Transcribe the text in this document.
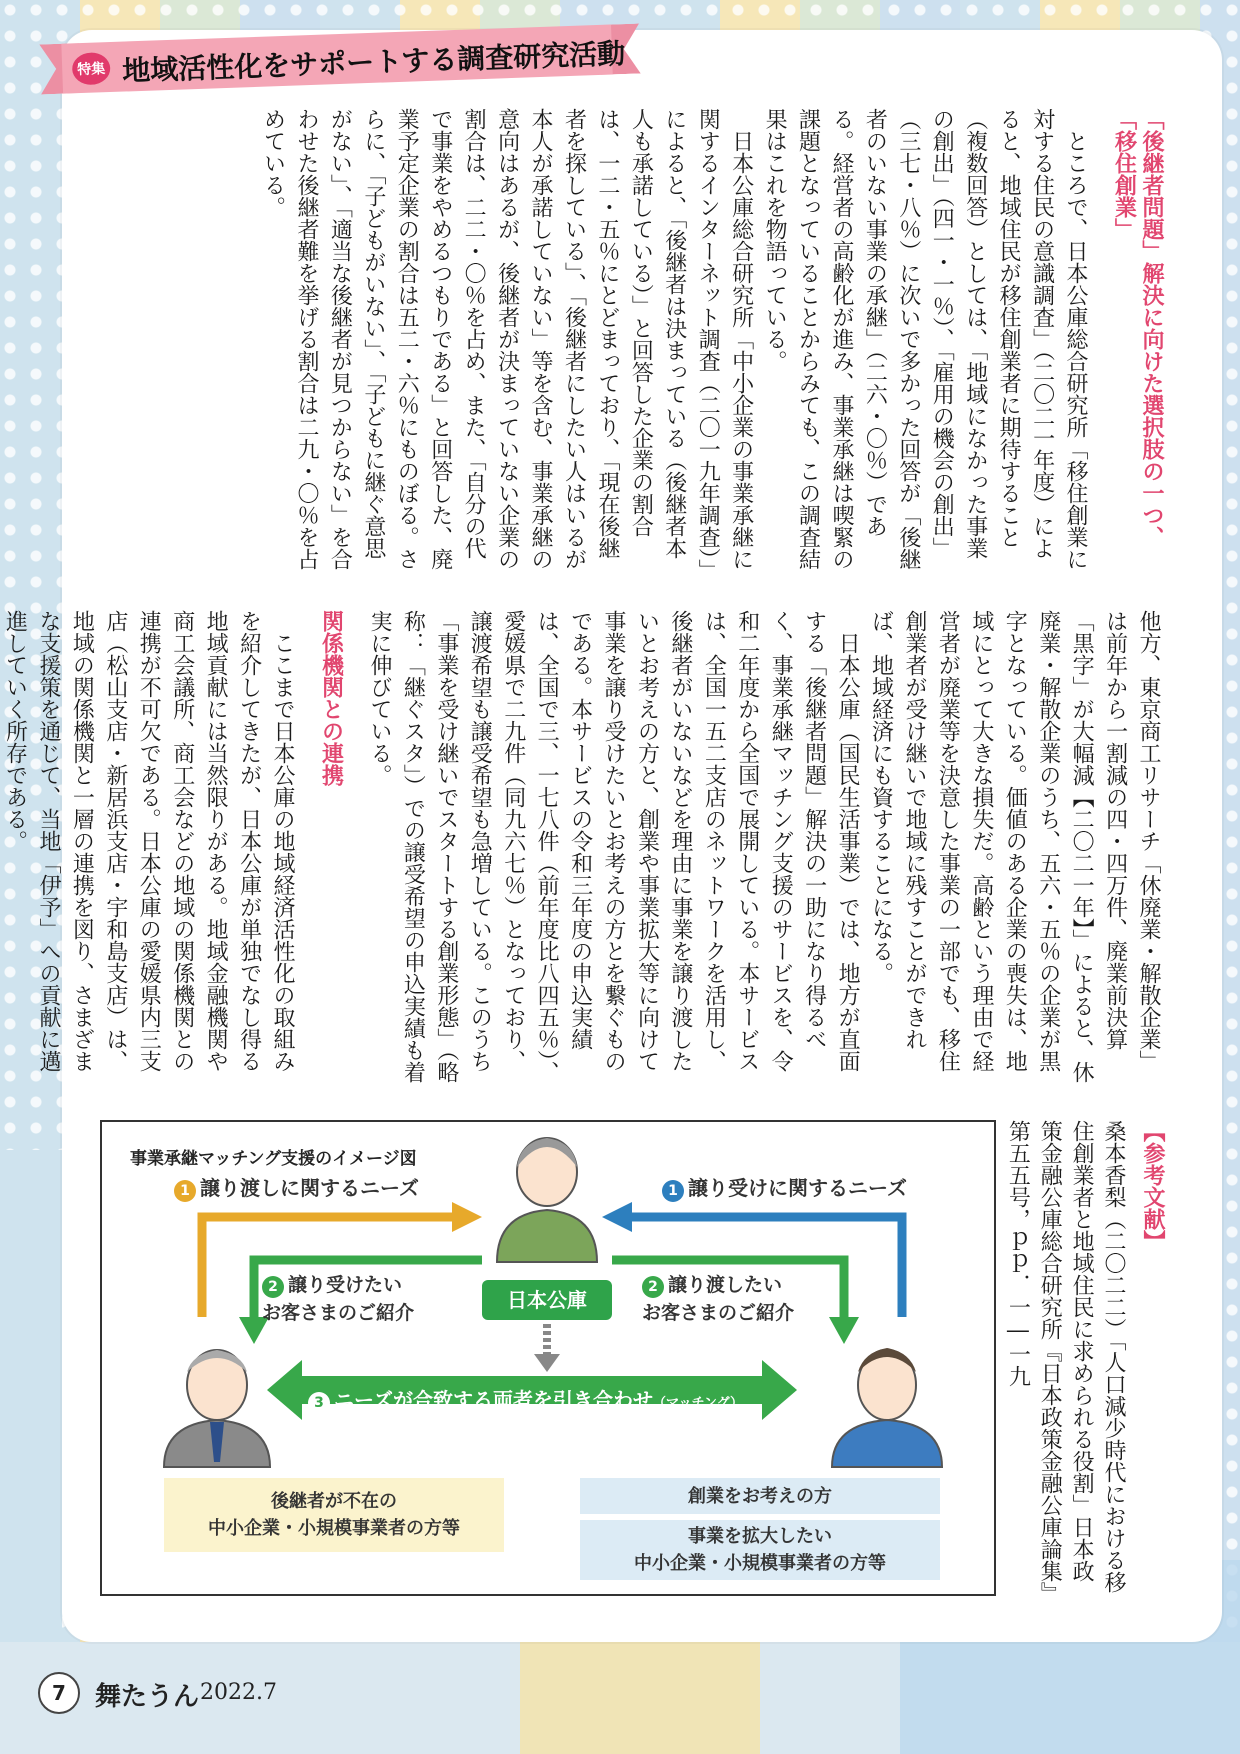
特集 地域活性化をサポートする調査研究活動
「後継者問題」解決に向けた選択肢の一つ、「移住創業」

ところで、日本公庫総合研究所「移住創業に対する住民の意識調査」（二〇二一年度）によると、地域住民が移住創業者に期待すること（複数回答）としては、「地域になかった事業の創出」（四一・一％）、「雇用の機会の創出」（三七・八％）に次いで多かった回答が「後継者のいない事業の承継」（二六・〇％）である。経営者の高齢化が進み、事業承継は喫緊の課題となっていることからみても、この調査結果はこれを物語っている。

日本公庫総合研究所「中小企業の事業承継に関するインターネット調査（二〇一九年調査）」によると、「後継者は決まっている（後継者本人も承諾している）」と回答した企業の割合は、一二・五％にとどまっており、「現在後継者を探している」、「後継者にしたい人はいるが本人が承諾していない」等を含む、事業承継の意向はあるが、後継者が決まっていない企業の割合は、二二・〇％を占め、また、「自分の代で事業をやめるつもりである」と回答した、廃業予定企業の割合は五二・六％にものぼる。さらに、「子どもがいない」、「子どもに継ぐ意思がない」、「適当な後継者が見つからない」を合わせた後継者難を挙げる割合は二九・〇％を占めている。

他方、東京商工リサーチ「休廃業・解散企業」は前年から一割減の四・四万件、廃業前決算「黒字」が大幅減【二〇二一年】」によると、休廃業・解散企業のうち、五六・五％の企業が黒字となっている。価値のある企業の喪失は、地域にとって大きな損失だ。高齢という理由で経営者が廃業等を決意した事業の一部でも、移住創業者が受け継いで地域に残すことができれば、地域経済にも資することになる。

日本公庫（国民生活事業）では、地方が直面する「後継者問題」解決の一助になり得るべく、事業承継マッチング支援のサービスを、令和二年度から全国で展開している。本サービスは、全国一五二支店のネットワークを活用し、後継者がいないなどを理由に事業を譲り渡したいとお考えの方と、創業や事業拡大等に向けて事業を譲り受けたいとお考えの方とを繋ぐものである。本サービスの令和三年度の申込実績は、全国で三、一七八件（前年度比八四五％）、愛媛県で二九件（同九六七％）となっており、譲渡希望も譲受希望も急増している。このうち「事業を受け継いでスタートする創業形態」（略称：「継ぐスタ」）での譲受希望の申込実績も着実に伸びている。

関係機関との連携

ここまで日本公庫の地域経済活性化の取組みを紹介してきたが、日本公庫が単独でなし得る地域貢献には当然限りがある。地域金融機関や商工会議所、商工会などの地域の関係機関との連携が不可欠である。日本公庫の愛媛県内三支店（松山支店・新居浜支店・宇和島支店）は、地域の関係機関と一層の連携を図り、さまざまな支援策を通じて、当地「伊予」への貢献に邁進していく所存である。

【参考文献】
桑本香梨（二〇二二）「人口減少時代における移住創業者と地域住民に求められる役割」日本政策金融公庫総合研究所『日本政策金融公庫論集』第五五号，ｐｐ．一―一九
事業承継マッチング支援のイメージ図
1 譲り渡しに関するニーズ	1 譲り受けに関するニーズ
2 譲り受けたい
お客さまのご紹介
2 譲り渡したい
お客さまのご紹介
日本公庫
3 ニーズが合致する両者を引き合わせ（マッチング）
後継者が不在の
中小企業・小規模事業者の方等
創業をお考えの方
事業を拡大したい
中小企業・小規模事業者の方等
7	舞たうん 2022.7
